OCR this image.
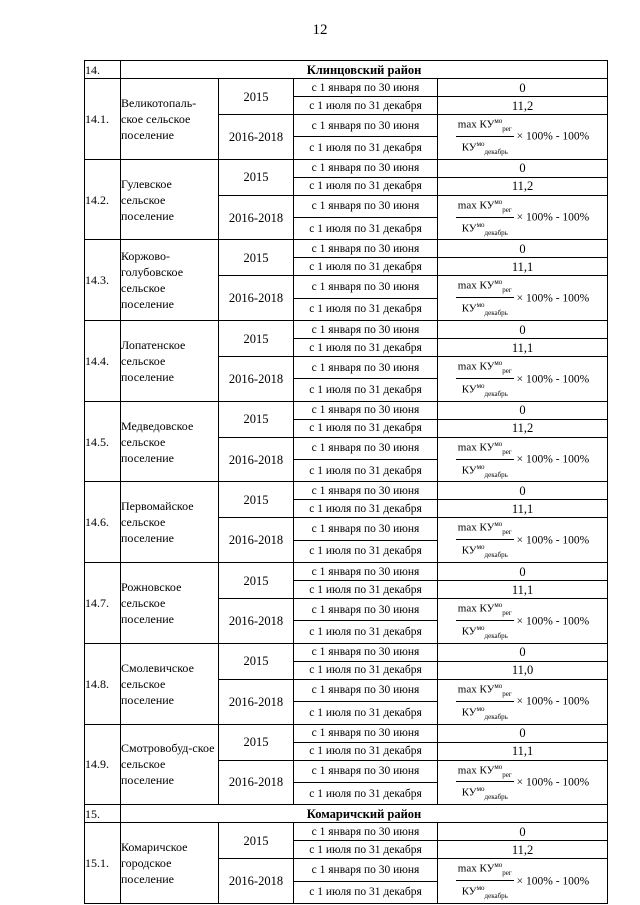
12
14.	Клинцовский район			
14.1.	Великотопаль-ское сельское поселение	2015	с 1 января по 30 июня	0
			с 1 июля по 31 декабря	11,2
		2016-2018	с 1 января по 30 июня	$\frac{\max КУ^{мо}_{рег}}{КУ^{мо}_{декабрь}} \times 100\% - 100\%$
			с 1 июля по 31 декабря	
14.2.	Гулевское сельское поселение	2015	с 1 января по 30 июня	0
			с 1 июля по 31 декабря	11,2
		2016-2018	с 1 января по 30 июня	$\frac{\max КУ^{мо}_{рег}}{КУ^{мо}_{декабрь}} \times 100\% - 100\%$
			с 1 июля по 31 декабря	
14.3.	Коржово-голубовское сельское поселение	2015	с 1 января по 30 июня	0
			с 1 июля по 31 декабря	11,1
		2016-2018	с 1 января по 30 июня	$\frac{\max КУ^{мо}_{рег}}{КУ^{мо}_{декабрь}} \times 100\% - 100\%$
			с 1 июля по 31 декабря	
14.4.	Лопатенское сельское поселение	2015	с 1 января по 30 июня	0
			с 1 июля по 31 декабря	11,1
		2016-2018	с 1 января по 30 июня	$\frac{\max КУ^{мо}_{рег}}{КУ^{мо}_{декабрь}} \times 100\% - 100\%$
			с 1 июля по 31 декабря	
14.5.	Медведовское сельское поселение	2015	с 1 января по 30 июня	0
			с 1 июля по 31 декабря	11,2
		2016-2018	с 1 января по 30 июня	$\frac{\max КУ^{мо}_{рег}}{КУ^{мо}_{декабрь}} \times 100\% - 100\%$
			с 1 июля по 31 декабря	
14.6.	Первомайское сельское поселение	2015	с 1 января по 30 июня	0
			с 1 июля по 31 декабря	11,1
		2016-2018	с 1 января по 30 июня	$\frac{\max КУ^{мо}_{рег}}{КУ^{мо}_{декабрь}} \times 100\% - 100\%$
			с 1 июля по 31 декабря	
14.7.	Рожновское сельское поселение	2015	с 1 января по 30 июня	0
			с 1 июля по 31 декабря	11,1
		2016-2018	с 1 января по 30 июня	$\frac{\max КУ^{мо}_{рег}}{КУ^{мо}_{декабрь}} \times 100\% - 100\%$
			с 1 июля по 31 декабря	
14.8.	Смолевичское сельское поселение	2015	с 1 января по 30 июня	0
			с 1 июля по 31 декабря	11,0
		2016-2018	с 1 января по 30 июня	$\frac{\max КУ^{мо}_{рег}}{КУ^{мо}_{декабрь}} \times 100\% - 100\%$
			с 1 июля по 31 декабря	
14.9.	Смотровобуд-ское сельское поселение	2015	с 1 января по 30 июня	0
			с 1 июля по 31 декабря	11,1
		2016-2018	с 1 января по 30 июня	$\frac{\max КУ^{мо}_{рег}}{КУ^{мо}_{декабрь}} \times 100\% - 100\%$
			с 1 июля по 31 декабря	
15.	Комаричский район			
15.1.	Комаричское городское поселение	2015	с 1 января по 30 июня	0
			с 1 июля по 31 декабря	11,2
		2016-2018	с 1 января по 30 июня	$\frac{\max КУ^{мо}_{рег}}{КУ^{мо}_{декабрь}} \times 100\% - 100\%$
			с 1 июля по 31 декабря	
